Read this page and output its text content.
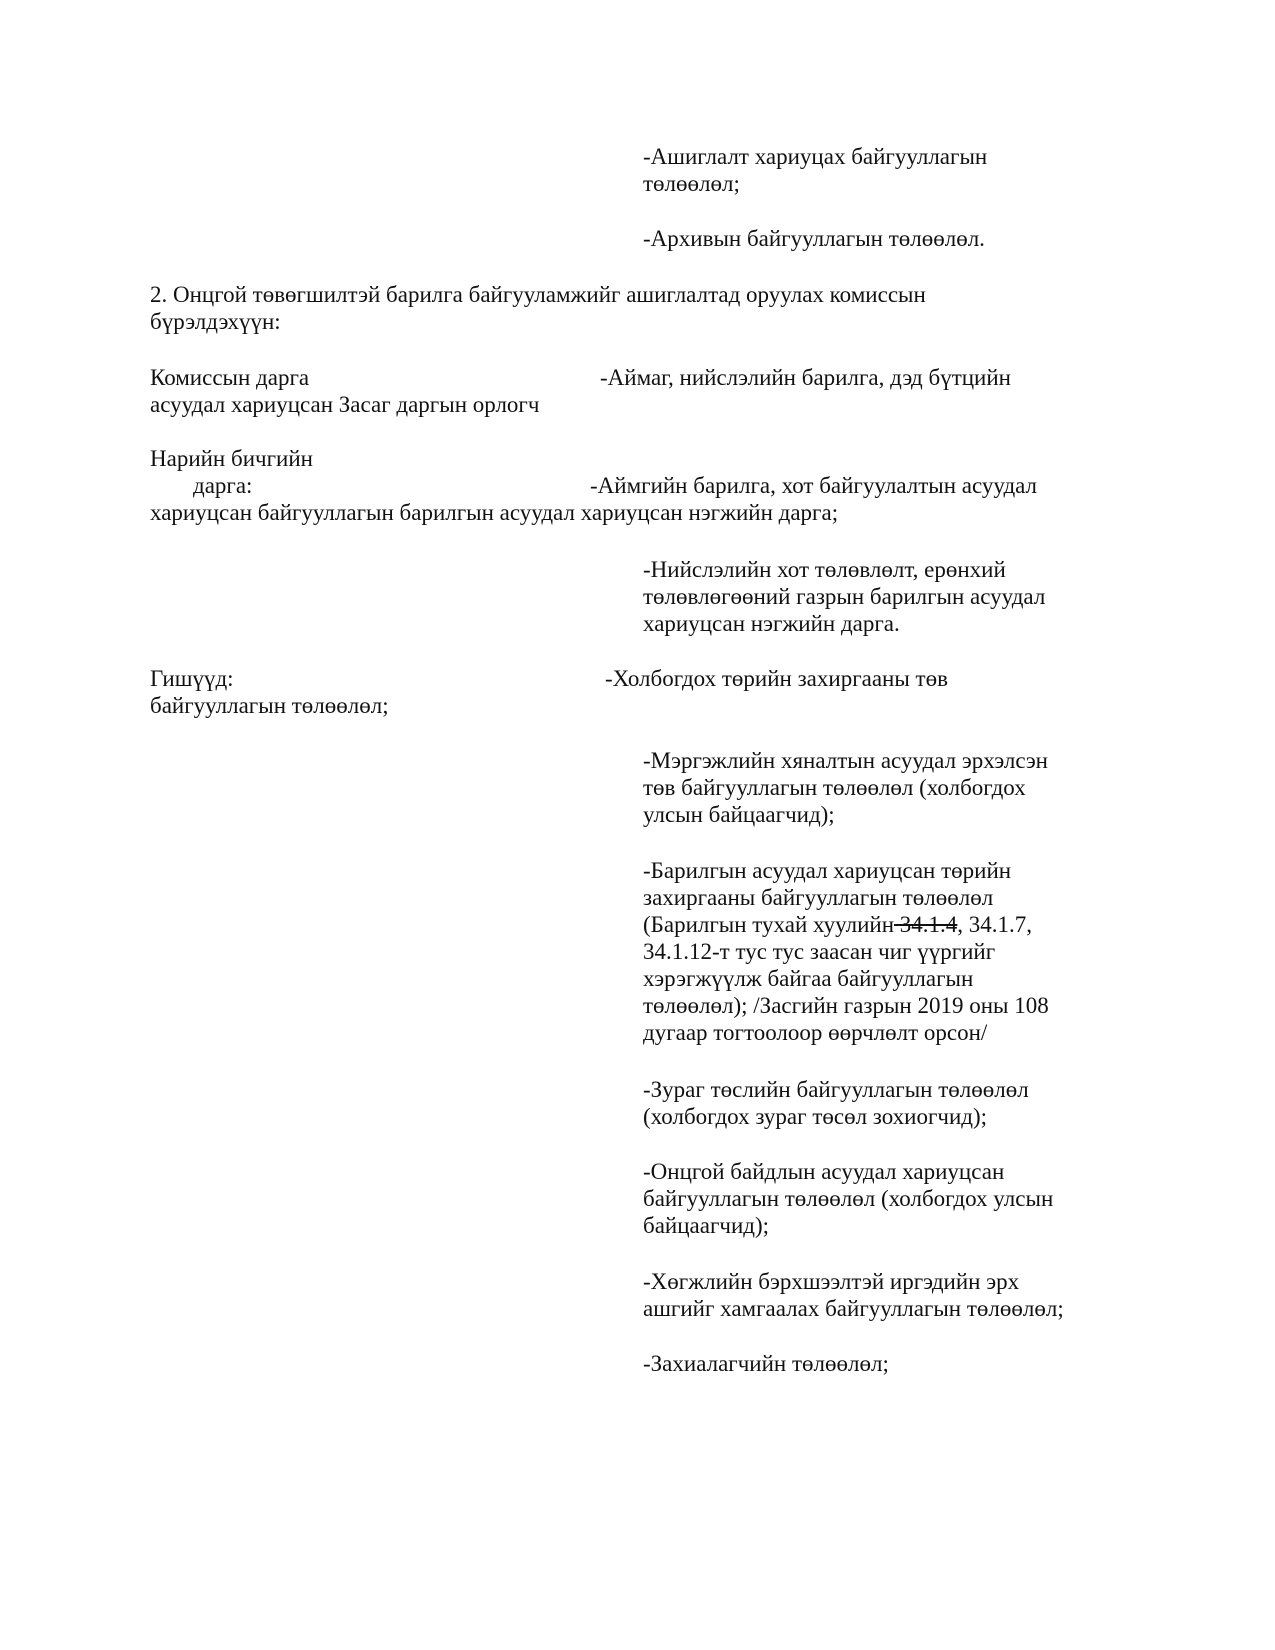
-Ашиглалт хариуцах байгууллагын
төлөөлөл;

-Архивын байгууллагын төлөөлөл.

2. Онцгой төвөгшилтэй барилга байгууламжийг ашиглалтад оруулах комиссын
бүрэлдэхүүн:

Комиссын дарга	-Аймаг, нийслэлийн барилга, дэд бүтцийн

асуудал хариуцсан Засаг даргын орлогч

Нарийн бичгийн

дарга:	-Аймгийн барилга, хот байгуулалтын асуудал

хариуцсан байгууллагын барилгын асуудал хариуцсан нэгжийн дарга;

-Нийслэлийн хот төлөвлөлт, ерөнхий
төлөвлөгөөний газрын барилгын асуудал
хариуцсан нэгжийн дарга.

Гишүүд:	-Холбогдох төрийн захиргааны төв

байгууллагын төлөөлөл;

-Мэргэжлийн хяналтын асуудал эрхэлсэн
төв байгууллагын төлөөлөл (холбогдох
улсын байцаагчид);

-Барилгын асуудал хариуцсан төрийн
захиргааны байгууллагын төлөөлөл
(Барилгын тухай хуулийн 34.1.4, 34.1.7,
34.1.12-т тус тус заасан чиг үүргийг
хэрэгжүүлж байгаа байгууллагын
төлөөлөл); /Засгийн газрын 2019 оны 108
дугаар тогтоолоор өөрчлөлт орсон/

-Зураг төслийн байгууллагын төлөөлөл
(холбогдох зураг төсөл зохиогчид);

-Онцгой байдлын асуудал хариуцсан
байгууллагын төлөөлөл (холбогдох улсын
байцаагчид);

-Хөгжлийн бэрхшээлтэй иргэдийн эрх
ашгийг хамгаалах байгууллагын төлөөлөл;

-Захиалагчийн төлөөлөл;
